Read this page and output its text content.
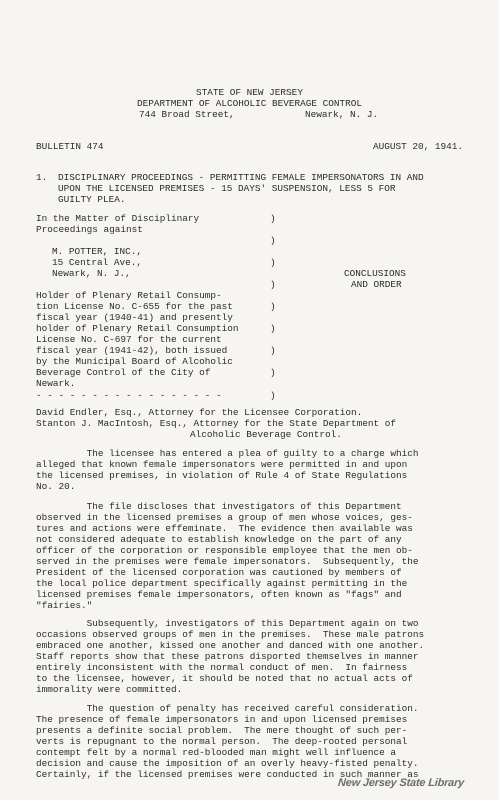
STATE OF NEW JERSEY
DEPARTMENT OF ALCOHOLIC BEVERAGE CONTROL
744 Broad Street,	Newark, N. J.
BULLETIN 474	AUGUST 20, 1941.
1. DISCIPLINARY PROCEEDINGS - PERMITTING FEMALE IMPERSONATORS IN AND
UPON THE LICENSED PREMISES - 15 DAYS' SUSPENSION, LESS 5 FOR
GUILTY PLEA.
In the Matter of Disciplinary
Proceedings against
M. POTTER, INC.,
15 Central Ave.,
Newark, N. J.,
Holder of Plenary Retail Consump-
tion License No. C-655 for the past
fiscal year (1940-41) and presently
holder of Plenary Retail Consumption
License No. C-697 for the current
fiscal year (1941-42), both issued
by the Municipal Board of Alcoholic
Beverage Control of the City of
Newark.
- - - - - - - - - - - - - - - - -
)
)
)
)
)
)
)
)
)
CONCLUSIONS
AND ORDER
David Endler, Esq., Attorney for the Licensee Corporation.
Stanton J. MacIntosh, Esq., Attorney for the State Department of
Alcoholic Beverage Control.
The licensee has entered a plea of guilty to a charge which
alleged that known female impersonators were permitted in and upon
the licensed premises, in violation of Rule 4 of State Regulations
No. 20.
The file discloses that investigators of this Department
observed in the licensed premises a group of men whose voices, ges-
tures and actions were effeminate.  The evidence then available was
not considered adequate to establish knowledge on the part of any
officer of the corporation or responsible employee that the men ob-
served in the premises were female impersonators.  Subsequently, the
President of the licensed corporation was cautioned by members of
the local police department specifically against permitting in the
licensed premises female impersonators, often known as "fags" and
"fairies."
Subsequently, investigators of this Department again on two
occasions observed groups of men in the premises.  These male patrons
embraced one another, kissed one another and danced with one another.
Staff reports show that these patrons disported themselves in manner
entirely inconsistent with the normal conduct of men.  In fairness
to the licensee, however, it should be noted that no actual acts of
immorality were committed.
The question of penalty has received careful consideration.
The presence of female impersonators in and upon licensed premises
presents a definite social problem.  The mere thought of such per-
verts is repugnant to the normal person.  The deep-rooted personal
contempt felt by a normal red-blooded man might well influence a
decision and cause the imposition of an overly heavy-fisted penalty.
Certainly, if the licensed premises were conducted in such manner as
New Jersey State Library
